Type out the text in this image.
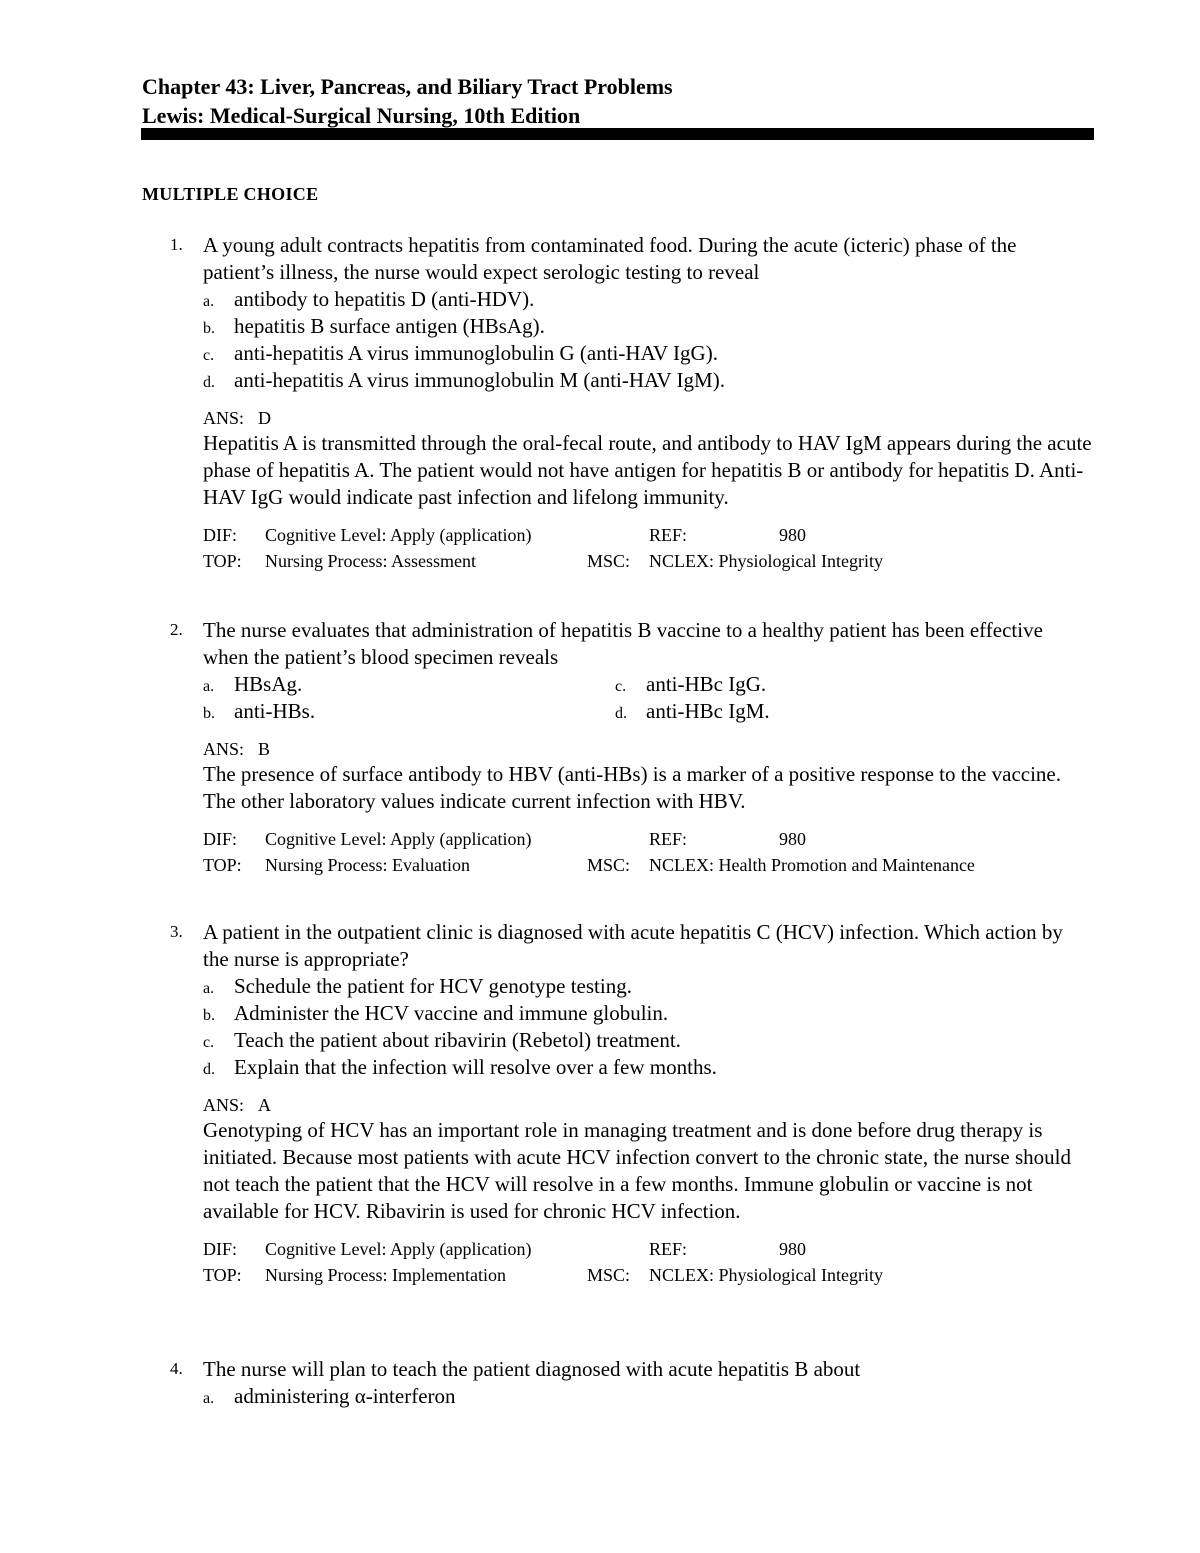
Chapter 43: Liver, Pancreas, and Biliary Tract Problems
Lewis: Medical-Surgical Nursing, 10th Edition
MULTIPLE CHOICE
1. A young adult contracts hepatitis from contaminated food. During the acute (icteric) phase of the patient’s illness, the nurse would expect serologic testing to reveal
a. antibody to hepatitis D (anti-HDV).
b. hepatitis B surface antigen (HBsAg).
c. anti-hepatitis A virus immunoglobulin G (anti-HAV IgG).
d. anti-hepatitis A virus immunoglobulin M (anti-HAV IgM).
ANS: D
Hepatitis A is transmitted through the oral-fecal route, and antibody to HAV IgM appears during the acute phase of hepatitis A. The patient would not have antigen for hepatitis B or antibody for hepatitis D. Anti-HAV IgG would indicate past infection and lifelong immunity.
DIF: Cognitive Level: Apply (application)	REF:	980
TOP: Nursing Process: Assessment	MSC: NCLEX: Physiological Integrity
2. The nurse evaluates that administration of hepatitis B vaccine to a healthy patient has been effective when the patient’s blood specimen reveals
a. HBsAg.
b. anti-HBs.
c. anti-HBc IgG.
d. anti-HBc IgM.
ANS: B
The presence of surface antibody to HBV (anti-HBs) is a marker of a positive response to the vaccine. The other laboratory values indicate current infection with HBV.
DIF: Cognitive Level: Apply (application)	REF:	980
TOP: Nursing Process: Evaluation	MSC: NCLEX: Health Promotion and Maintenance
3. A patient in the outpatient clinic is diagnosed with acute hepatitis C (HCV) infection. Which action by the nurse is appropriate?
a. Schedule the patient for HCV genotype testing.
b. Administer the HCV vaccine and immune globulin.
c. Teach the patient about ribavirin (Rebetol) treatment.
d. Explain that the infection will resolve over a few months.
ANS: A
Genotyping of HCV has an important role in managing treatment and is done before drug therapy is initiated. Because most patients with acute HCV infection convert to the chronic state, the nurse should not teach the patient that the HCV will resolve in a few months. Immune globulin or vaccine is not available for HCV. Ribavirin is used for chronic HCV infection.
DIF: Cognitive Level: Apply (application)	REF:	980
TOP: Nursing Process: Implementation	MSC: NCLEX: Physiological Integrity
4. The nurse will plan to teach the patient diagnosed with acute hepatitis B about
a. administering α-interferon
